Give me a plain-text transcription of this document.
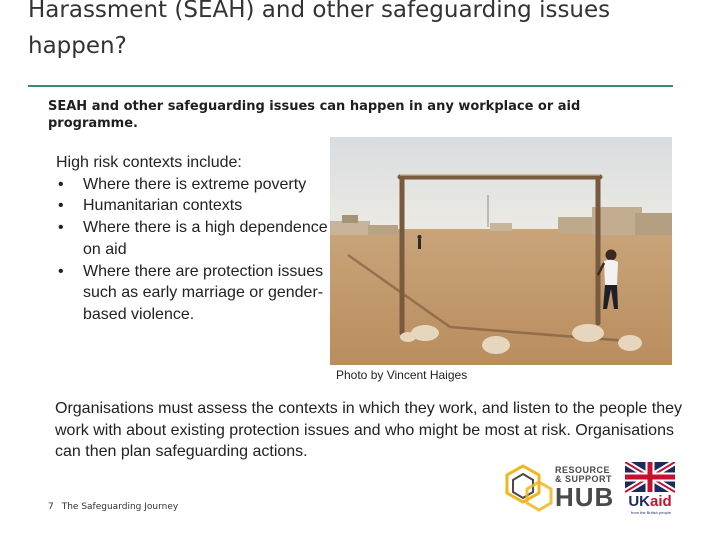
Harassment (SEAH) and other safeguarding issues happen?
SEAH and other safeguarding issues can happen in any workplace or aid programme.
High risk contexts include:
• Where there is extreme poverty
• Humanitarian contexts
• Where there is a high dependence on aid
• Where there are protection issues such as early marriage or gender-based violence.
Photo by Vincent Haiges
Organisations must assess the contexts in which they work, and listen to the people they work with about existing protection issues and who might be most at risk. Organisations can then plan safeguarding actions.
7 The Safeguarding Journey
RESOURCE
& SUPPORT
HUB UKaid
from the British people
